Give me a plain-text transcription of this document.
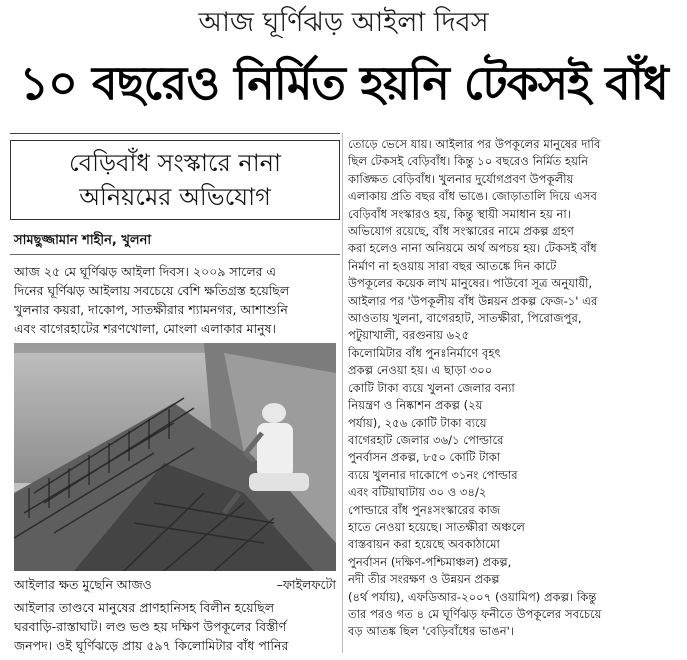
আজ ঘূর্ণিঝড় আইলা দিবস
১০ বছরেও নির্মিত হয়নি টেকসই বাঁধ
বেড়িবাঁধ সংস্কারে নানা
অনিয়মের অভিযোগ
সামছুজ্জামান শাহীন, খুলনা
আজ ২৫ মে ঘূর্ণিঝড় আইলা দিবস। ২০০৯ সালের এ
দিনের ঘূর্ণিঝড় আইলায় সবচেয়ে বেশি ক্ষতিগ্রস্ত হয়েছিল
খুলনার কয়রা, দাকোপ, সাতক্ষীরার শ্যামনগর, আশাশুনি
এবং বাগেরহাটের শরণখোলা, মোংলা এলাকার মানুষ।
আইলার ক্ষত মুছেনি আজও	–ফাইলফটো
আইলার তাণ্ডবে মানুষের প্রাণহানিসহ বিলীন হয়েছিল
ঘরবাড়ি-রাস্তাঘাট। লণ্ড ভণ্ড হয় দক্ষিণ উপকূলের বিস্তীর্ণ
জনপদ। ওই ঘূর্ণিঝড়ে প্রায় ৫৯৭ কিলোমিটার বাঁধ পানির
তোড়ে ভেসে যায়। আইলার পর উপকূলের মানুষের দাবি
ছিল টেকসই বেড়িবাঁধ। কিন্তু ১০ বছরেও নির্মিত হয়নি
কাঙ্ক্ষিত বেড়িবাঁধ। খুলনার দুর্যোগপ্রবণ উপকূলীয়
এলাকায় প্রতি বছর বাঁধ ভাঙে। জোড়াতালি দিয়ে এসব
বেড়িবাঁধ সংস্কারও হয়, কিন্তু স্থায়ী সমাধান হয় না।
অভিযোগ রয়েছে, বাঁধ সংস্কারের নামে প্রকল্প গ্রহণ
করা হলেও নানা অনিয়মে অর্থ অপচয় হয়। টেকসই বাঁধ
নির্মাণ না হওয়ায় সারা বছর আতঙ্কে দিন কাটে
উপকূলের কয়েক লাখ মানুষের। পাউবো সূত্র অনুযায়ী,
আইলার পর 'উপকূলীয় বাঁধ উন্নয়ন প্রকল্প ফেজ-১' এর
আওতায় খুলনা, বাগেরহাট, সাতক্ষীরা, পিরোজপুর,
পটুয়াখালী, বরগুনায় ৬২৫
কিলোমিটার বাঁধ পুনঃনির্মাণে বৃহৎ
প্রকল্প নেওয়া হয়। এ ছাড়া ৩০০
কোটি টাকা ব্যয়ে খুলনা জেলার বন্যা
নিয়ন্ত্রণ ও নিষ্কাশন প্রকল্প (২য়
পর্যায়), ২৫৬ কোটি টাকা ব্যয়ে
বাগেরহাট জেলার ৩৬/১ পোল্ডারে
পুনর্বাসন প্রকল্প, ৮৫০ কোটি টাকা
ব্যয়ে খুলনার দাকোপে ৩১নং পোল্ডার
এবং বটিয়াঘাটায় ৩০ ও ৩৪/২
পোল্ডারে বাঁধ পুনঃসংস্কারের কাজ
হাতে নেওয়া হয়েছে। সাতক্ষীরা অঞ্চলে
বাস্তবায়ন করা হয়েছে অবকাঠামো
পুনর্বাসন (দক্ষিণ-পশ্চিমাঞ্চল) প্রকল্প,
নদী তীর সংরক্ষণ ও উন্নয়ন প্রকল্প
(৪র্থ পর্যায়), এফডিআর-২০০৭ (ওয়ামিপ) প্রকল্প। কিন্তু
তার পরও গত ৪ মে ঘূর্ণিঝড় ফনীতে উপকূলের সবচেয়ে
বড় আতঙ্ক ছিল 'বেড়িবাঁধের ভাঙন'।
